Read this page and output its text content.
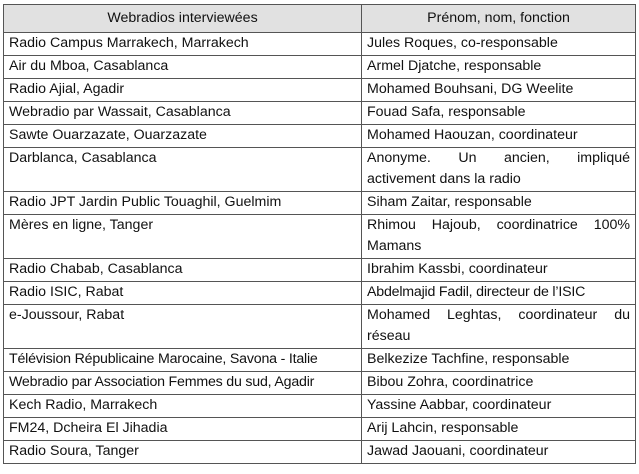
Webradios interviewées	Prénom, nom, fonction
Radio Campus Marrakech, Marrakech	Jules Roques, co-responsable
Air du Mboa, Casablanca	Armel Djatche, responsable
Radio Ajial, Agadir	Mohamed Bouhsani, DG Weelite
Webradio par Wassait, Casablanca	Fouad Safa, responsable
Sawte Ouarzazate, Ouarzazate	Mohamed Haouzan, coordinateur
Darblanca, Casablanca	Anonyme. Un ancien, impliqué activement dans la radio
Radio JPT Jardin Public Touaghil, Guelmim	Siham Zaitar, responsable
Mères en ligne, Tanger	Rhimou Hajoub, coordinatrice 100% Mamans
Radio Chabab, Casablanca	Ibrahim Kassbi, coordinateur
Radio ISIC, Rabat	Abdelmajid Fadil, directeur de l’ISIC
e-Joussour, Rabat	Mohamed Leghtas, coordinateur du réseau
Télévision Républicaine Marocaine, Savona - Italie	Belkezize Tachfine, responsable
Webradio par Association Femmes du sud, Agadir	Bibou Zohra, coordinatrice
Kech Radio, Marrakech	Yassine Aabbar, coordinateur
FM24, Dcheira El Jihadia	Arij Lahcin, responsable
Radio Soura, Tanger	Jawad Jaouani, coordinateur
